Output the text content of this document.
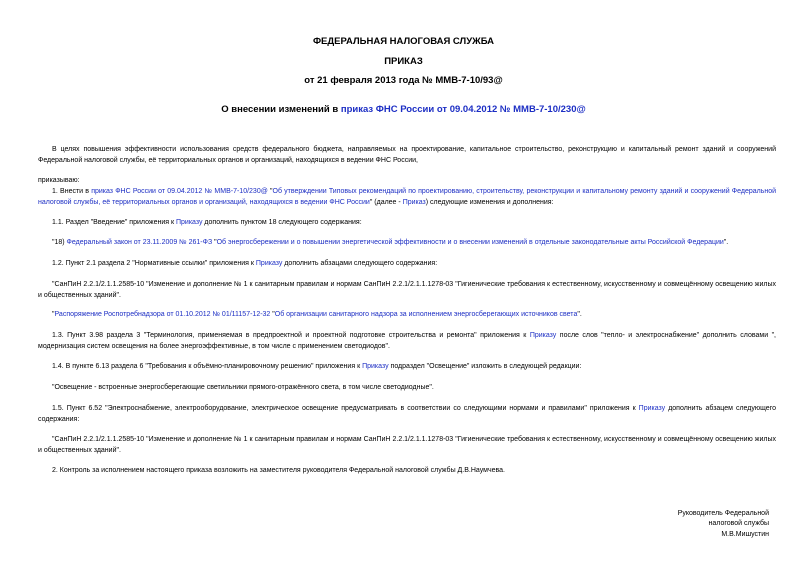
ФЕДЕРАЛЬНАЯ НАЛОГОВАЯ СЛУЖБА
ПРИКАЗ
от 21 февраля 2013 года № ММВ-7-10/93@
О внесении изменений в приказ ФНС России от 09.04.2012 № ММВ-7-10/230@
В целях повышения эффективности использования средств федерального бюджета, направляемых на проектирование, капитальное строительство, реконструкцию и капитальный ремонт зданий и сооружений Федеральной налоговой службы, её территориальных органов и организаций, находящихся в ведении ФНС России,
приказываю:
1. Внести в приказ ФНС России от 09.04.2012 № ММВ-7-10/230@ "Об утверждении Типовых рекомендаций по проектированию, строительству, реконструкции и капитальному ремонту зданий и сооружений Федеральной налоговой службы, её территориальных органов и организаций, находящихся в ведении ФНС России" (далее - Приказ) следующие изменения и дополнения:
1.1. Раздел "Введение" приложения к Приказу дополнить пунктом 18 следующего содержания:
"18) Федеральный закон от 23.11.2009 № 261-ФЗ "Об энергосбережении и о повышении энергетической эффективности и о внесении изменений в отдельные законодательные акты Российской Федерации".
1.2. Пункт 2.1 раздела 2 "Нормативные ссылки" приложения к Приказу дополнить абзацами следующего содержания:
"СанПиН 2.2.1/2.1.1.2585-10 "Изменение и дополнение № 1 к санитарным правилам и нормам СанПиН 2.2.1/2.1.1.1278-03 "Гигиенические требования к естественному, искусственному и совмещённому освещению жилых и общественных зданий".
"Распоряжение Роспотребнадзора от 01.10.2012 № 01/11157-12-32 "Об организации санитарного надзора за исполнением энергосберегающих источников света".
1.3. Пункт 3.98 раздела 3 "Терминология, применяемая в предпроектной и проектной подготовке строительства и ремонта" приложения к Приказу после слов "тепло- и электроснабжение" дополнить словами ", модернизация систем освещения на более энергоэффективные, в том числе с применением светодиодов".
1.4. В пункте 6.13 раздела 6 "Требования к объёмно-планировочному решению" приложения к Приказу подраздел "Освещение" изложить в следующей редакции:
"Освещение - встроенные энергосберегающие светильники прямого-отражённого света, в том числе светодиодные".
1.5. Пункт 6.52 "Электроснабжение, электрооборудование, электрическое освещение предусматривать в соответствии со следующими нормами и правилами" приложения к Приказу дополнить абзацем следующего содержания:
"СанПиН 2.2.1/2.1.1.2585-10 "Изменение и дополнение № 1 к санитарным правилам и нормам СанПиН 2.2.1/2.1.1.1278-03 "Гигиенические требования к естественному, искусственному и совмещённому освещению жилых и общественных зданий".
2. Контроль за исполнением настоящего приказа возложить на заместителя руководителя Федеральной налоговой службы Д.В.Наумчева.
Руководитель Федеральной
налоговой службы
М.В.Мишустин
